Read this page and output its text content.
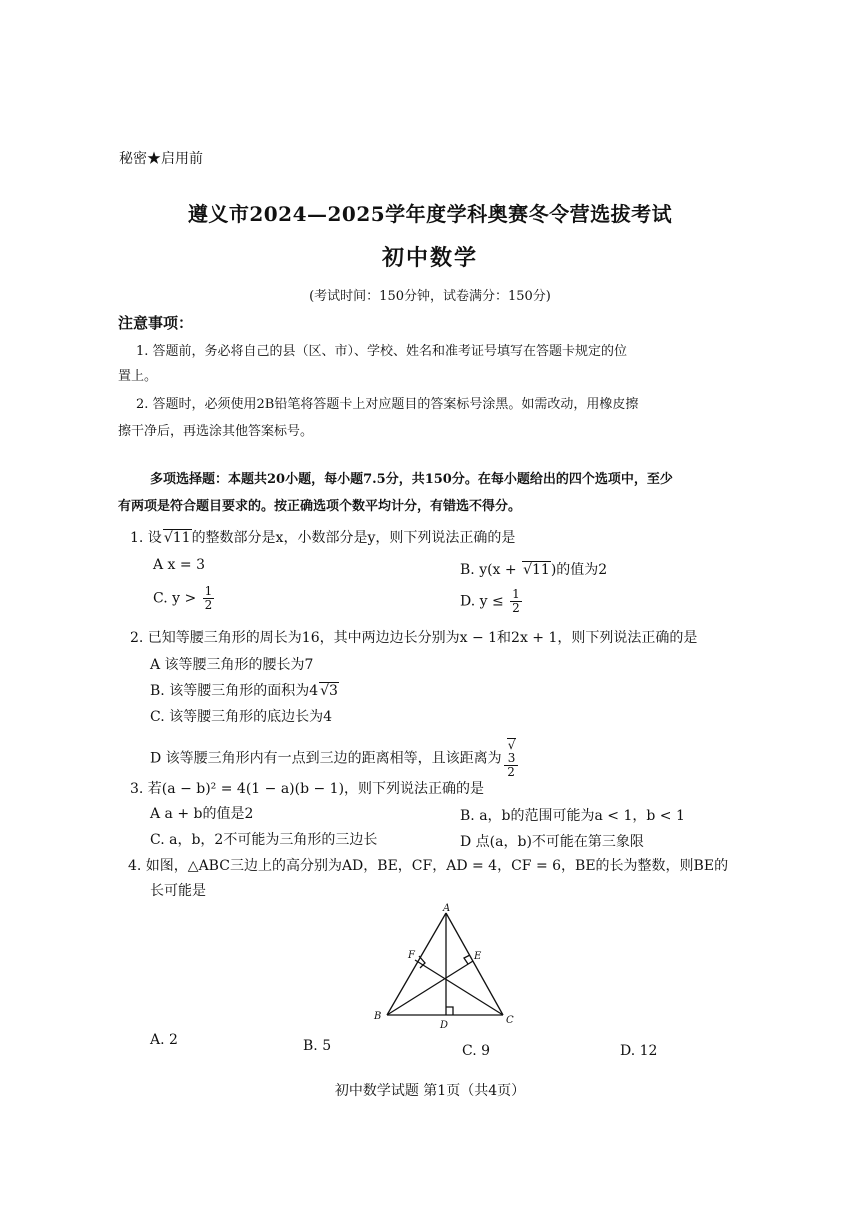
秘密★启用前
遵义市2024—2025学年度学科奥赛冬令营选拔考试
初中数学
(考试时间：150分钟，试卷满分：150分)
注意事项：
1. 答题前，务必将自己的县（区、市）、学校、姓名和准考证号填写在答题卡规定的位
置上。
2. 答题时，必须使用2B铅笔将答题卡上对应题目的答案标号涂黑。如需改动，用橡皮擦
擦干净后，再选涂其他答案标号。
多项选择题：本题共20小题，每小题7.5分，共150分。在每小题给出的四个选项中，至少
有两项是符合题目要求的。按正确选项个数平均计分，有错选不得分。
1. 设 √11的整数部分是x，小数部分是y，则下列说法正确的是
A x = 3	B. y(x + √11)的值为2
C. $y > \frac{1}{2}$	D. $y \le \frac{1}{2}$
2. 已知等腰三角形的周长为16，其中两边边长分别为x − 1和2x + 1，则下列说法正确的是
A 该等腰三角形的腰长为7
B. 该等腰三角形的面积为4 √3
C. 该等腰三角形的底边长为4
D 该等腰三角形内有一点到三边的距离相等，且该距离为 √
3
2
3. 若(a − b)² = 4(1 − a)(b − 1)，则下列说法正确的是
A a + b的值是2	B. a，b的范围可能为a < 1，b < 1
C. a，b，2不可能为三角形的三边长	D 点(a，b)不可能在第三象限
4. 如图，△ABC三边上的高分别为AD，BE，CF，AD = 4，CF = 6，BE的长为整数，则BE的
长可能是
A
B	C
D
E
F
A. 2	B. 5	C. 9	D. 12
初中数学试题 第1页（共4页）
